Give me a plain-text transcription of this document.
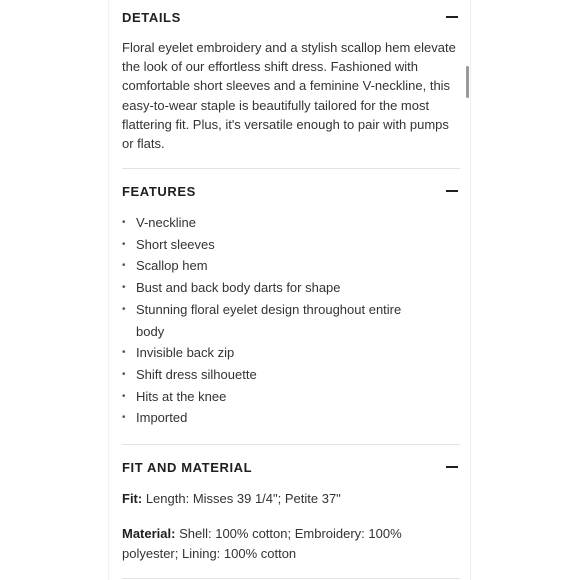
DETAILS

Floral eyelet embroidery and a stylish scallop hem elevate the look of our effortless shift dress. Fashioned with comfortable short sleeves and a feminine V-neckline, this easy-to-wear staple is beautifully tailored for the most flattering fit. Plus, it's versatile enough to pair with pumps or flats.

FEATURES
• V-neckline
• Short sleeves
• Scallop hem
• Bust and back body darts for shape
• Stunning floral eyelet design throughout entire body
• Invisible back zip
• Shift dress silhouette
• Hits at the knee
• Imported
FIT AND MATERIAL

Fit: Length: Misses 39 1/4"; Petite 37"

Material: Shell: 100% cotton; Embroidery: 100% polyester; Lining: 100% cotton
